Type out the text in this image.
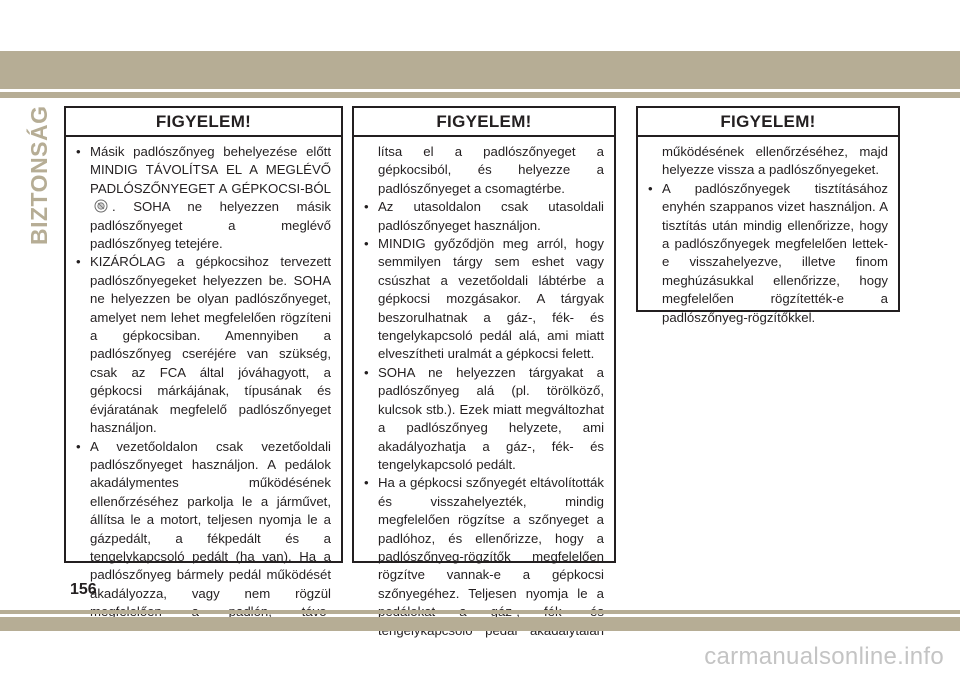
BIZTONSÁG	FIGYELEM!

• Másik padlószőnyeg behelyezése előtt MINDIG TÁVOLÍTSA EL A MEGLÉVŐ PADLÓSZŐNYEGET A GÉPKOCSI-BÓL. SOHA ne helyezzen másik padlószőnyeget a meglévő padlószőnyeg tetejére.

• KIZÁRÓLAG a gépkocsihoz tervezett padlószőnyegeket helyezzen be. SOHA ne helyezzen be olyan padlószőnyeget, amelyet nem lehet megfelelően rögzíteni a gépkocsiban. Amennyiben a padlószőnyeg cseréjére van szükség, csak az FCA által jóváhagyott, a gépkocsi márkájának, típusának és évjáratának megfelelő padlószőnyeget használjon.

• A vezetőoldalon csak vezetőoldali padlószőnyeget használjon. A pedálok akadálymentes működésének ellenőrzéséhez parkolja le a járművet, állítsa le a motort, teljesen nyomja le a gázpedált, a fékpedált és a tengelykapcsoló pedált (ha van). Ha a padlószőnyeg bármely pedál működését akadályozza, vagy nem rögzül

FIGYELEM!

lítsa el a padlószőnyeget a gépkocsiból, és helyezze a padlószőnyeget a csomagtérbe.

• Az utasoldalon csak utasoldali padlószőnyeget használjon.

• MINDIG győződjön meg arról, hogy semmilyen tárgy sem eshet vagy csúszhat a vezetőoldali lábtérbe a gépkocsi mozgásakor. A tárgyak beszorulhatnak a gáz-, fék- és tengelykapcsoló pedál alá, ami miatt elveszítheti uralmát a gépkocsi felett.

• SOHA ne helyezzen tárgyakat a padlószőnyeg alá (pl. törölköző, kulcsok stb.). Ezek miatt megváltozhat a padlószőnyeg helyzete, ami akadályozhatja a gáz-, fék- és tengelykapcsoló pedált.

• Ha a gépkocsi szőnyegét eltávolították és visszahelyezték, mindig megfelelően rögzítse a szőnyeget a padlóhoz, és ellenőrizze, hogy a padlószőnyeg-rögzítők megfelelően rögzítve vannak-e a gépkocsi szőnyegéhez. Teljesen nyomja le a

FIGYELEM!

működésének ellenőrzéséhez, majd helyezze vissza a padlószőnyegeket.

• A padlószőnyegek tisztításához enyhén szappanos vizet használjon. A tisztítás után mindig ellenőrizze, hogy a padlószőnyegek megfelelően lettek-e visszahelyezve, illetve finom meghúzásukkal ellenőrizze, hogy megfelelően rögzítették-e a padlószőnyeg-rögzítőkkel.

156
carmanualsonline.info
